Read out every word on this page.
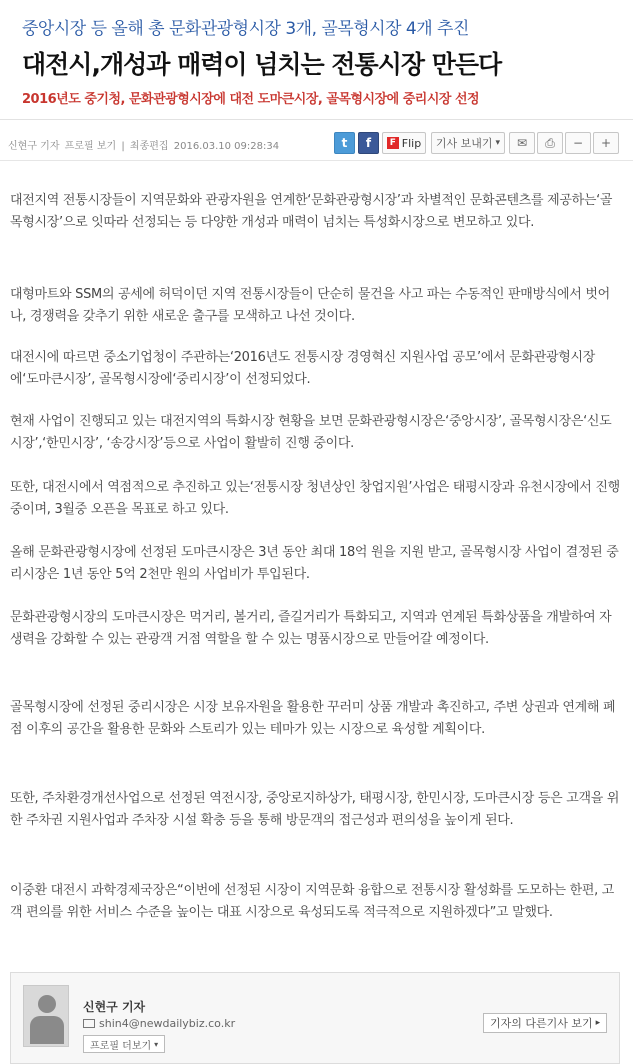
중앙시장 등 올해 총 문화관광형시장 3개, 골목형시장 4개 추진
대전시,개성과 매력이 넘치는 전통시장 만든다
2016년도 중기청, 문화관광형시장에 대전 도마큰시장, 골목형시장에 중리시장 선정
신현구 기자 프로필 보기 | 최종편집 2016.03.10 09:28:34	t f	F Flip 기사 보내기 ▾ ✉ ⎙ − +

대전지역 전통시장들이 지역문화와 관광자원을 연계한‘문화관광형시장’과 차별적인 문화콘텐츠를 제공하는‘골목형시장’으로 잇따라 선정되는 등 다양한 개성과 매력이 넘치는 특성화시장으로 변모하고 있다.

대형마트와 SSM의 공세에 허덕이던 지역 전통시장들이 단순히 물건을 사고 파는 수동적인 판매방식에서 벗어나, 경쟁력을 갖추기 위한 새로운 출구를 모색하고 나선 것이다.

대전시에 따르면 중소기업청이 주관하는‘2016년도 전통시장 경영혁신 지원사업 공모’에서 문화관광형시장에‘도마큰시장’, 골목형시장에‘중리시장’이 선정되었다.

현재 사업이 진행되고 있는 대전지역의 특화시장 현황을 보면 문화관광형시장은‘중앙시장’, 골목형시장은‘신도시장’,‘한민시장’, ‘송강시장’등으로 사업이 활발히 진행 중이다.

또한, 대전시에서 역점적으로 추진하고 있는‘전통시장 청년상인 창업지원’사업은 태평시장과 유천시장에서 진행 중이며, 3월중 오픈을 목표로 하고 있다.

올해 문화관광형시장에 선정된 도마큰시장은 3년 동안 최대 18억 원을 지원 받고, 골목형시장 사업이 결정된 중리시장은 1년 동안 5억 2천만 원의 사업비가 투입된다.

문화관광형시장의 도마큰시장은 먹거리, 볼거리, 즐길거리가 특화되고, 지역과 연계된 특화상품을 개발하여 자생력을 강화할 수 있는 관광객 거점 역할을 할 수 있는 명품시장으로 만들어갈 예정이다.

골목형시장에 선정된 중리시장은 시장 보유자원을 활용한 꾸러미 상품 개발과 촉진하고, 주변 상권과 연계해 폐점 이후의 공간을 활용한 문화와 스토리가 있는 테마가 있는 시장으로 육성할 계획이다.

또한, 주차환경개선사업으로 선정된 역전시장, 중앙로지하상가, 태평시장, 한민시장, 도마큰시장 등은 고객을 위한 주차권 지원사업과 주차장 시설 확충 등을 통해 방문객의 접근성과 편의성을 높이게 된다.

이중환 대전시 과학경제국장은“이번에 선정된 시장이 지역문화 융합으로 전통시장 활성화를 도모하는 한편, 고객 편의를 위한 서비스 수준을 높이는 대표 시장으로 육성되도록 적극적으로 지원하겠다”고 말했다.

신현구 기자
shin4@newdailybiz.co.kr
프로필 더보기 ▾
기자의 다른기사 보기 ▸
